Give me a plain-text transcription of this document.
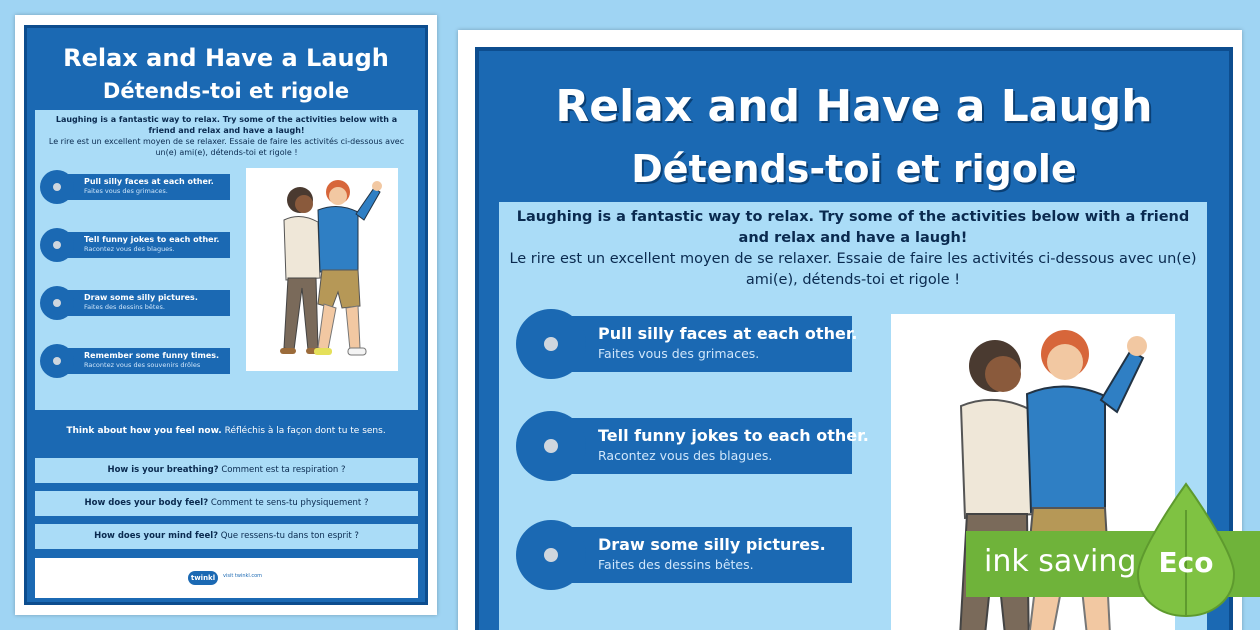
Relax and Have a Laugh
Détends-toi et rigole
Laughing is a fantastic way to relax. Try some of the activities below with a friend and relax and have a laugh!
Le rire est un excellent moyen de se relaxer. Essaie de faire les activités ci-dessous avec un(e) ami(e), détends-toi et rigole !
Pull silly faces at each other.
Faites vous des grimaces.
Tell funny jokes to each other.
Racontez vous des blagues.
Draw some silly pictures.
Faites des dessins bêtes.
Remember some funny times.
Racontez vous des souvenirs drôles
Think about how you feel now. Réfléchis à la façon dont tu te sens.
How is your breathing? Comment est ta respiration ?
How does your body feel? Comment te sens-tu physiquement ?
How does your mind feel? Que ressens-tu dans ton esprit ?
twinkl	visit twinkl.com
Relax and Have a Laugh
Détends-toi et rigole
Laughing is a fantastic way to relax. Try some of the activities below with a friend and relax and have a laugh!
Le rire est un excellent moyen de se relaxer. Essaie de faire les activités ci-dessous avec un(e) ami(e), détends-toi et rigole !
Pull silly faces at each other.
Faites vous des grimaces.
Tell funny jokes to each other.
Racontez vous des blagues.
Draw some silly pictures.
Faites des dessins bêtes.	ink saving Eco
